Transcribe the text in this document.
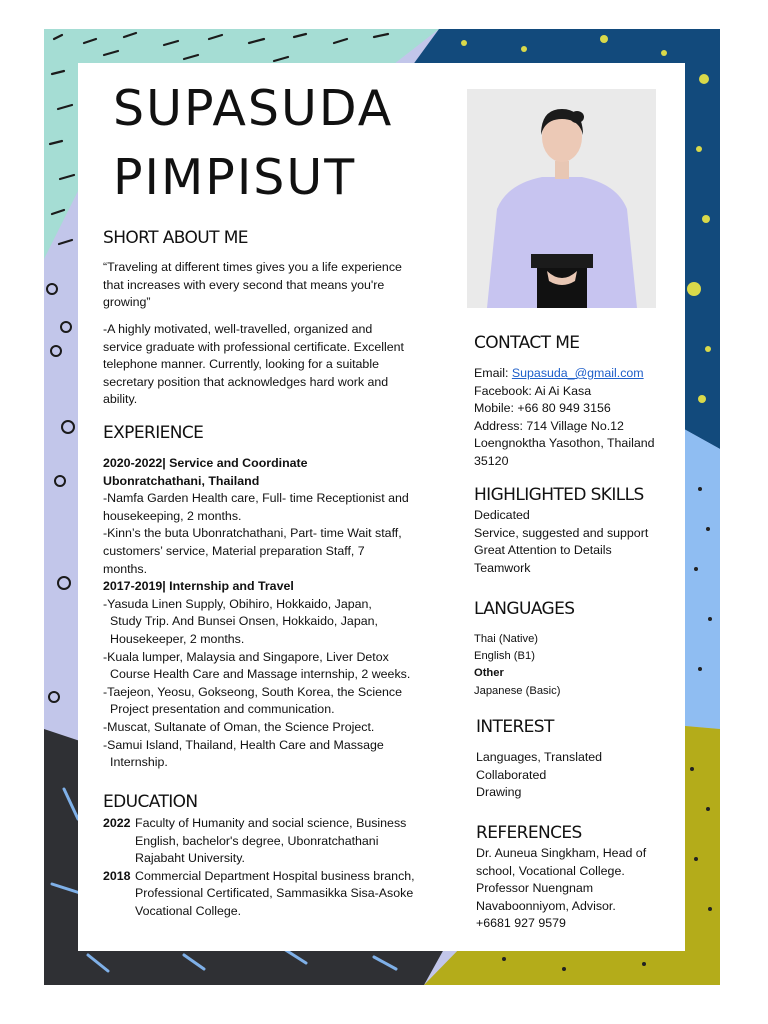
SUPASUDA
PIMPISUT
SHORT ABOUT ME
“Traveling at different times gives you a life experience
that increases with every second that means you're
growing”
-A highly motivated, well-travelled, organized and
service graduate with professional certificate. Excellent
telephone manner. Currently, looking for a suitable
secretary position that acknowledges hard work and
ability.
EXPERIENCE
2020-2022| Service and Coordinate
Ubonratchathani, Thailand
-Namfa Garden Health care, Full- time Receptionist and
housekeeping, 2 months.
-Kinn’s the buta Ubonratchathani, Part- time Wait staff,
customers’ service, Material preparation Staff, 7
months.
2017-2019| Internship and Travel
-Yasuda Linen Supply, Obihiro, Hokkaido, Japan,
Study Trip. And Bunsei Onsen, Hokkaido, Japan,
Housekeeper, 2 months.
-Kuala lumper, Malaysia and Singapore, Liver Detox
Course Health Care and Massage internship, 2 weeks.
-Taejeon, Yeosu, Gokseong, South Korea, the Science
Project presentation and communication.
-Muscat, Sultanate of Oman, the Science Project.
-Samui Island, Thailand, Health Care and Massage
Internship.
EDUCATION
2022 Faculty of Humanity and social science, Business
English, bachelor's degree, Ubonratchathani
Rajabaht University.
2018 Commercial Department Hospital business branch,
Professional Certificated, Sammasikka Sisa-Asoke
Vocational College.
CONTACT ME
Email: Supasuda_@gmail.com
Facebook: Ai Ai Kasa
Mobile: +66 80 949 3156
Address: 714 Village No.12
Loengnoktha Yasothon, Thailand
35120
HIGHLIGHTED SKILLS
Dedicated
Service, suggested and support
Great Attention to Details
Teamwork
LANGUAGES
Thai (Native)
English (B1)
Other
Japanese (Basic)
INTEREST
Languages, Translated
Collaborated
Drawing
REFERENCES
Dr. Auneua Singkham, Head of
school, Vocational College.
Professor Nuengnam
Navaboonniyom, Advisor.
+6681 927 9579
